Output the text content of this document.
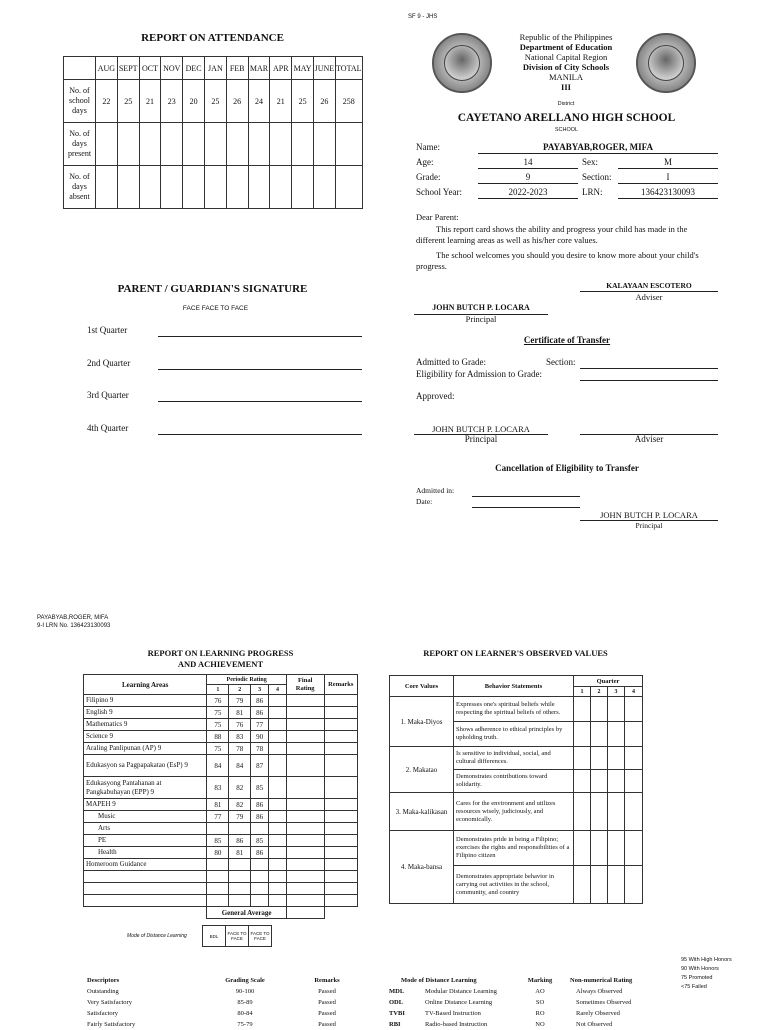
SF 9 - JHS
REPORT ON ATTENDANCE
	AUG	SEPT	OCT	NOV	DEC	JAN	FEB	MAR	APR	MAY	JUNE	TOTAL
No. of school days	22	25	21	23	20	25	26	24	21	25	26	258
No. of days present												
No. of days absent												
PARENT / GUARDIAN'S SIGNATURE
FACE FACE TO FACE
1st Quarter
2nd Quarter
3rd Quarter
4th Quarter
Republic of the Philippines
Department of Education
National Capital Region
Division of City Schools
MANILA
III
District
CAYETANO ARELLANO HIGH SCHOOL
SCHOOL
Name:	PAYABYAB,ROGER, MIFA
Age:	14	Sex:	M
Grade:	9	Section:	I
School Year:	2022-2023	LRN:	136423130093
Dear Parent:
This report card shows the ability and progress your child has made in the different learning areas as well as his/her core values.
The school welcomes you should you desire to know more about your child's progress.
KALAYAAN ESCOTERO
Adviser
JOHN BUTCH P. LOCARA
Principal
Certificate of Transfer
Admitted to Grade:	Section:
Eligibility for Admission to Grade:
Approved:
JOHN BUTCH P. LOCARA
Principal	Adviser
Cancellation of Eligibility to Transfer
Admitted in:
Date:
JOHN BUTCH P. LOCARA
Principal
PAYABYAB,ROGER, MIFA
9-I LRN No. 136423130093
REPORT ON LEARNING PROGRESS
AND ACHIEVEMENT
Learning Areas	Periodic Rating				Final Rating	Remarks
	1	2	3	4		
Filipino 9	76	79	86			
English 9	75	81	86			
Mathematics 9	75	76	77			
Science 9	88	83	90			
Araling Panlipunan (AP) 9	75	78	78			
Edukasyon sa Pagpapakatao (EsP) 9	84	84	87			
Edukasyong Pantahanan at Pangkabuhayan (EPP) 9	83	82	85			
MAPEH 9	81	82	86			
Music	77	79	86			
Arts						
PE	85	86	85			
Health	80	81	86			
Homeroom Guidance						

	General Average					
Mode of Distance Learning	BDL	FACE TO FACE	FACE TO FACE
REPORT ON LEARNER'S OBSERVED VALUES
Core Values	Behavior Statements	Quarter			
		1	2	3	4
1. Maka-Diyos	Expresses one's spiritual beliefs while respecting the spiritual beliefs of others.				
	Shows adherence to ethical principles by upholding truth.				
2. Makatao	Is sensitive to individual, social, and cultural differences.				
	Demonstrates contributions toward solidarity.				
3. Maka-kalikasan	Cares for the environment and utilizes resources wisely, judiciously, and economically.				
4. Maka-bansa	Demonstrates pride in being a Filipino; exercises the rights and responsibilities of a Filipino citizen				
	Demonstrates appropriate behavior in carrying out activities in the school, community, and country				
95 With High Honors
90 With Honors
75 Promoted
<75 Failed
Descriptors	Grading Scale	Remarks
Outstanding	90-100	Passed
Very Satisfactory	85-89	Passed
Satisfactory	80-84	Passed
Fairly Satisfactory	75-79	Passed
Mode of Distance Learning
MDL	Modular Distance Learning
ODL	Online Distance Learning
TVBI	TV-Based Instruction
RBI	Radio-based Instruction
Marking	Non-numerical Rating
AO	Always Observed
SO	Sometimes Observed
RO	Rarely Observed
NO	Not Observed
